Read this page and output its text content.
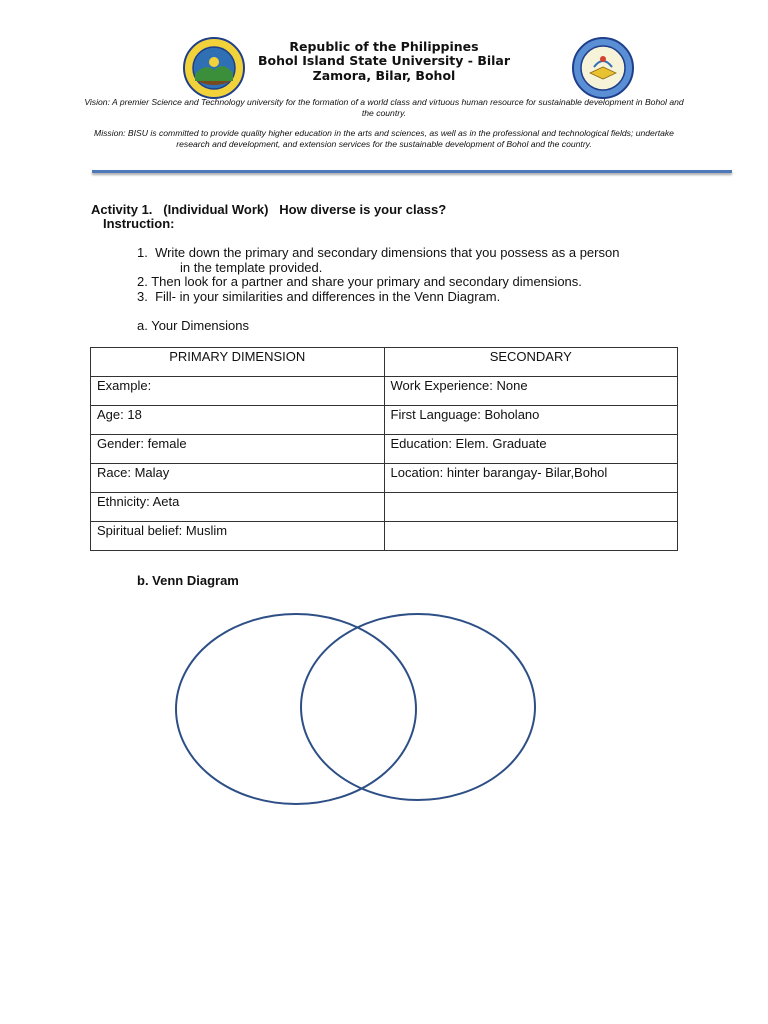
Republic of the Philippines
Bohol Island State University - Bilar
Zamora, Bilar, Bohol
Vision: A premier Science and Technology university for the formation of a world class and virtuous human resource for sustainable development in Bohol and the country.
Mission: BISU is committed to provide quality higher education in the arts and sciences, as well as in the professional and technological fields; undertake research and development, and extension services for the sustainable development of Bohol and the country.
Activity 1.   (Individual Work)   How diverse is your class?
Instruction:
1.  Write down the primary and secondary dimensions that you possess as a person
in the template provided.
2. Then look for a partner and share your primary and secondary dimensions.
3.  Fill- in your similarities and differences in the Venn Diagram.
a. Your Dimensions
PRIMARY DIMENSION	SECONDARY
Example:	Work Experience: None
Age: 18	First Language: Boholano
Gender: female	Education: Elem. Graduate
Race: Malay	Location: hinter barangay- Bilar,Bohol
Ethnicity: Aeta	
Spiritual belief: Muslim	
b. Venn Diagram
